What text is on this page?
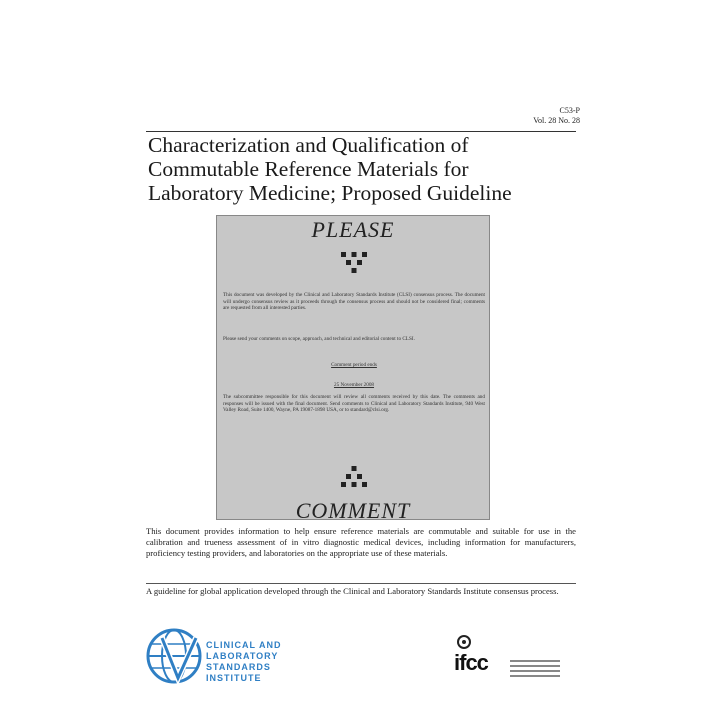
C53-P
Vol. 28 No. 28
Characterization and Qualification of
Commutable Reference Materials for
Laboratory Medicine; Proposed Guideline
PLEASE
This document was developed by the Clinical and Laboratory Standards Institute (CLSI) consensus process. The document will undergo consensus review as it proceeds through the consensus process and should not be considered final; comments are requested from all interested parties.
Please send your comments on scope, approach, and technical and editorial content to CLSI.
Comment period ends
25 November 2008
The subcommittee responsible for this document will review all comments received by this date. The comments and responses will be issued with the final document. Send comments to Clinical and Laboratory Standards Institute, 940 West Valley Road, Suite 1400, Wayne, PA 19087-1898 USA, or to standard@clsi.org.
COMMENT

This document provides information to help ensure reference materials are commutable and suitable for use in the calibration and trueness assessment of in vitro diagnostic medical devices, including information for manufacturers, proficiency testing providers, and laboratories on the appropriate use of these materials.

A guideline for global application developed through the Clinical and Laboratory Standards Institute consensus process.

CLINICAL AND
LABORATORY
STANDARDS
INSTITUTE
ifcc
